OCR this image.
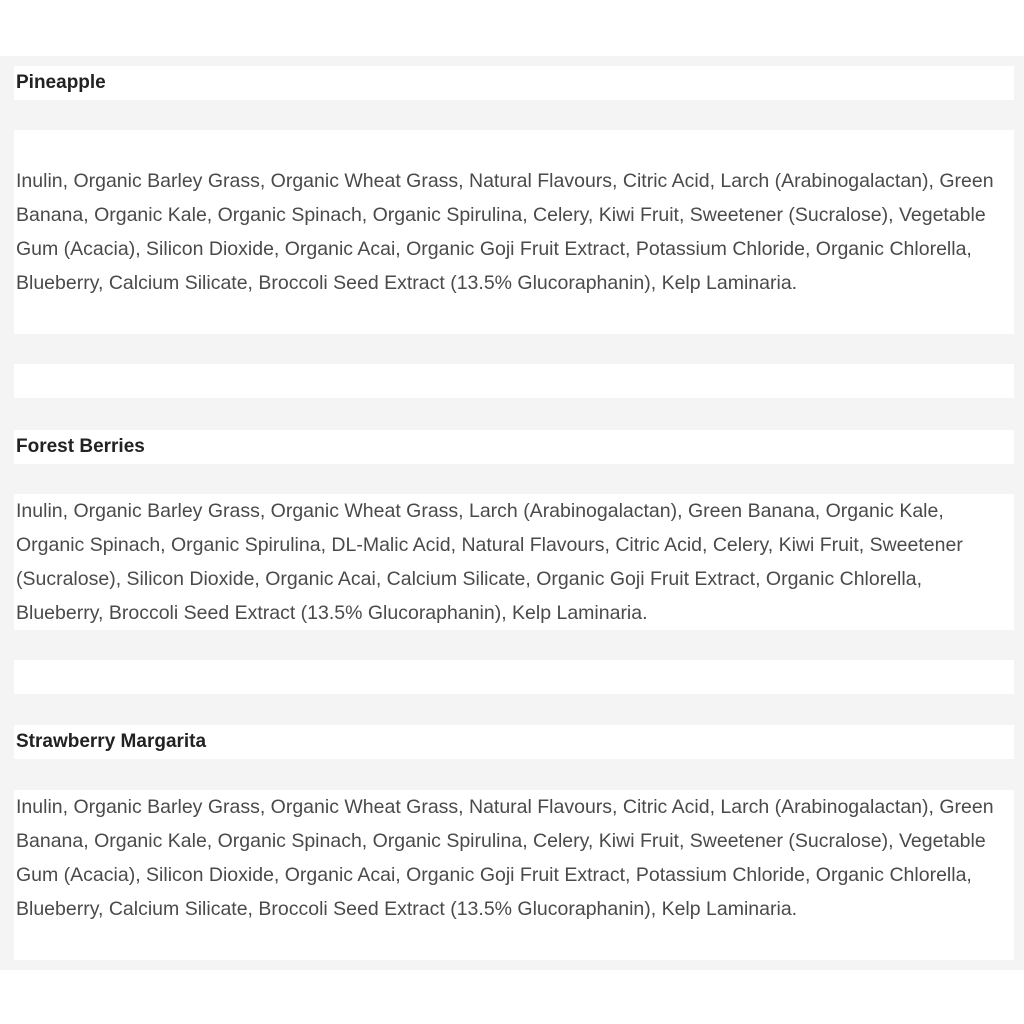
Pineapple
Inulin, Organic Barley Grass, Organic Wheat Grass, Natural Flavours, Citric Acid, Larch (Arabinogalactan), Green Banana, Organic Kale, Organic Spinach, Organic Spirulina, Celery, Kiwi Fruit, Sweetener (Sucralose), Vegetable Gum (Acacia), Silicon Dioxide, Organic Acai, Organic Goji Fruit Extract, Potassium Chloride, Organic Chlorella, Blueberry, Calcium Silicate, Broccoli Seed Extract (13.5% Glucoraphanin), Kelp Laminaria.
Forest Berries
Inulin, Organic Barley Grass, Organic Wheat Grass, Larch (Arabinogalactan), Green Banana, Organic Kale, Organic Spinach, Organic Spirulina, DL-Malic Acid, Natural Flavours, Citric Acid, Celery, Kiwi Fruit, Sweetener (Sucralose), Silicon Dioxide, Organic Acai, Calcium Silicate, Organic Goji Fruit Extract, Organic Chlorella, Blueberry, Broccoli Seed Extract (13.5% Glucoraphanin), Kelp Laminaria.
Strawberry Margarita
Inulin, Organic Barley Grass, Organic Wheat Grass, Natural Flavours, Citric Acid, Larch (Arabinogalactan), Green Banana, Organic Kale, Organic Spinach, Organic Spirulina, Celery, Kiwi Fruit, Sweetener (Sucralose), Vegetable Gum (Acacia), Silicon Dioxide, Organic Acai, Organic Goji Fruit Extract, Potassium Chloride, Organic Chlorella, Blueberry, Calcium Silicate, Broccoli Seed Extract (13.5% Glucoraphanin), Kelp Laminaria.
